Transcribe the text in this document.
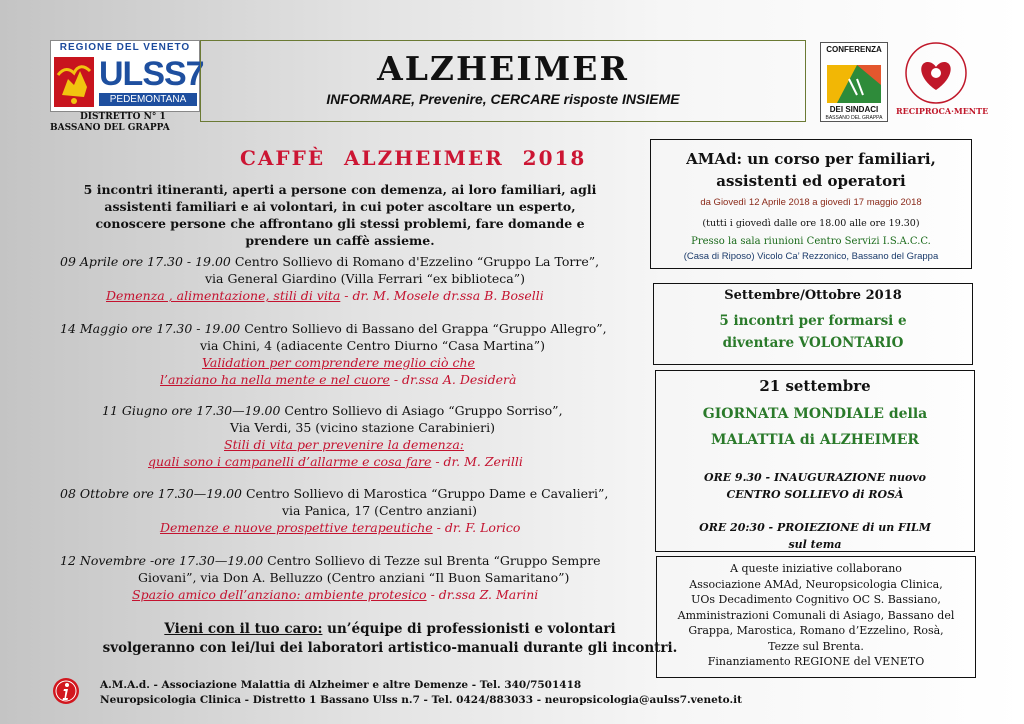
REGIONE DEL VENETO
ULSS7
PEDEMONTANA
DISTRETTO N° 1
BASSANO DEL GRAPPA
ALZHEIMER
INFORMARE, Prevenire, CERCARE risposte INSIEME
CONFERENZA
DEI SINDACI
BASSANO DEL GRAPPA
RECIPROCA·MENTE
CAFFÈ ALZHEIMER 2018
5 incontri itineranti, aperti a persone con demenza, ai loro familiari, agli assistenti familiari e ai volontari, in cui poter ascoltare un esperto, conoscere persone che affrontano gli stessi problemi, fare domande e prendere un caffè assieme.
09 Aprile ore 17.30 - 19.00 Centro Sollievo di Romano d'Ezzelino “Gruppo La Torre”,
via General Giardino (Villa Ferrari “ex biblioteca”)
Demenza , alimentazione, stili di vita - dr. M. Mosele dr.ssa B. Boselli
14 Maggio ore 17.30 - 19.00 Centro Sollievo di Bassano del Grappa “Gruppo Allegro”,
via Chini, 4 (adiacente Centro Diurno “Casa Martina”)
Validation per comprendere meglio ciò che
l’anziano ha nella mente e nel cuore - dr.ssa A. Desiderà
11 Giugno ore 17.30—19.00 Centro Sollievo di Asiago “Gruppo Sorriso”,
Via Verdi, 35 (vicino stazione Carabinieri)
Stili di vita per prevenire la demenza:
quali sono i campanelli d’allarme e cosa fare - dr. M. Zerilli
08 Ottobre ore 17.30—19.00 Centro Sollievo di Marostica “Gruppo Dame e Cavalieri”,
via Panica, 17 (Centro anziani)
Demenze e nuove prospettive terapeutiche - dr. F. Lorico
12 Novembre -ore 17.30—19.00 Centro Sollievo di Tezze sul Brenta “Gruppo Sempre
Giovani”, via Don A. Belluzzo (Centro anziani “Il Buon Samaritano”)
Spazio amico dell’anziano: ambiente protesico - dr.ssa Z. Marini
Vieni con il tuo caro: un’équipe di professionisti e volontari
svolgeranno con lei/lui dei laboratori artistico-manuali durante gli incontri.
A.M.A.d. - Associazione Malattia di Alzheimer e altre Demenze - Tel. 340/7501418
Neuropsicologia Clinica - Distretto 1 Bassano Ulss n.7 - Tel. 0424/883033 - neuropsicologia@aulss7.veneto.it
AMAd: un corso per familiari,
assistenti ed operatori
da Giovedì 12 Aprile 2018 a giovedì 17 maggio 2018
(tutti i giovedì dalle ore 18.00 alle ore 19.30)
Presso la sala riunioni Centro Servizi I.S.A.C.C.
(Casa di Riposo) Vicolo Ca’ Rezzonico, Bassano del Grappa
Settembre/Ottobre 2018
5 incontri per formarsi e
diventare VOLONTARIO
21 settembre
GIORNATA MONDIALE della
MALATTIA di ALZHEIMER
ORE 9.30 - INAUGURAZIONE nuovo
CENTRO SOLLIEVO di ROSÀ
ORE 20:30 - PROIEZIONE di un FILM
sul tema
A queste iniziative collaborano
Associazione AMAd, Neuropsicologia Clinica,
UOs Decadimento Cognitivo OC S. Bassiano,
Amministrazioni Comunali di Asiago, Bassano del
Grappa, Marostica, Romano d’Ezzelino, Rosà,
Tezze sul Brenta.
Finanziamento REGIONE del VENETO
